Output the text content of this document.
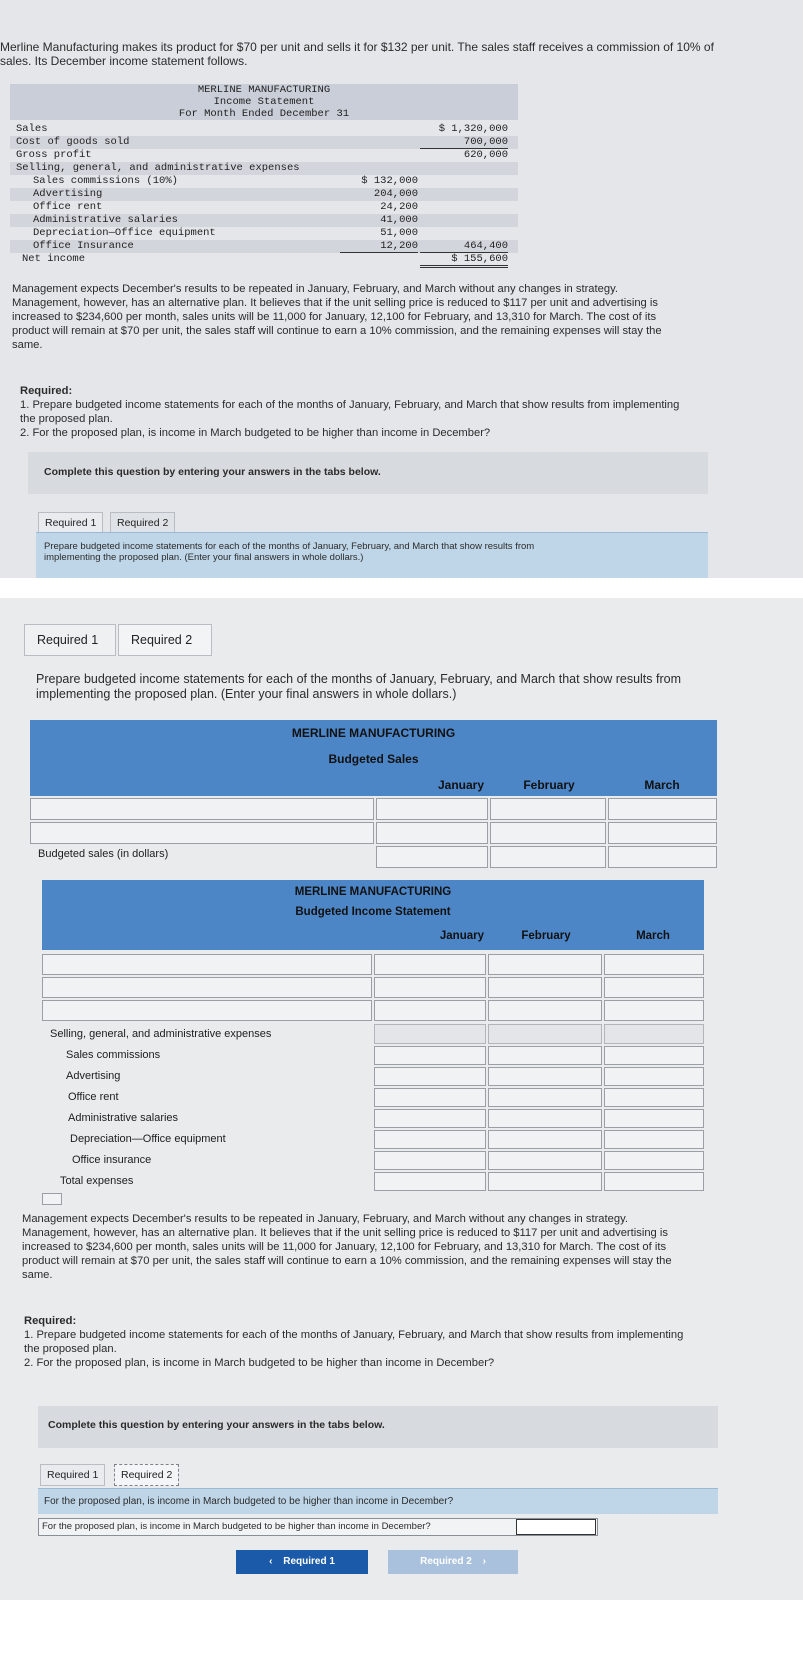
Merline Manufacturing makes its product for $70 per unit and sells it for $132 per unit. The sales staff receives a commission of 10% of
sales. Its December income statement follows.
MERLINE MANUFACTURING
Income Statement
For Month Ended December 31
Sales	$ 1,320,000
Cost of goods sold	700,000
Gross profit	620,000
Selling, general, and administrative expenses
Sales commissions (10%)	$ 132,000
Advertising	204,000
Office rent	24,200
Administrative salaries	41,000
Depreciation—Office equipment	51,000
Office Insurance	12,200	464,400
Net income	$ 155,600
Management expects December's results to be repeated in January, February, and March without any changes in strategy.
Management, however, has an alternative plan. It believes that if the unit selling price is reduced to $117 per unit and advertising is
increased to $234,600 per month, sales units will be 11,000 for January, 12,100 for February, and 13,310 for March. The cost of its
product will remain at $70 per unit, the sales staff will continue to earn a 10% commission, and the remaining expenses will stay the
same.
Required:
1. Prepare budgeted income statements for each of the months of January, February, and March that show results from implementing
the proposed plan.
2. For the proposed plan, is income in March budgeted to be higher than income in December?
Complete this question by entering your answers in the tabs below.
Required 1	Required 2
Prepare budgeted income statements for each of the months of January, February, and March that show results from
implementing the proposed plan. (Enter your final answers in whole dollars.)
Required 1	Required 2
Prepare budgeted income statements for each of the months of January, February, and March that show results from
implementing the proposed plan. (Enter your final answers in whole dollars.)
MERLINE MANUFACTURING
Budgeted Sales
January	February	March
Budgeted sales (in dollars)
MERLINE MANUFACTURING
Budgeted Income Statement
January	February	March
Selling, general, and administrative expenses
Sales commissions
Advertising
Office rent
Administrative salaries
Depreciation—Office equipment
Office insurance
Total expenses
Management expects December's results to be repeated in January, February, and March without any changes in strategy.
Management, however, has an alternative plan. It believes that if the unit selling price is reduced to $117 per unit and advertising is
increased to $234,600 per month, sales units will be 11,000 for January, 12,100 for February, and 13,310 for March. The cost of its
product will remain at $70 per unit, the sales staff will continue to earn a 10% commission, and the remaining expenses will stay the
same.
Required:
1. Prepare budgeted income statements for each of the months of January, February, and March that show results from implementing
the proposed plan.
2. For the proposed plan, is income in March budgeted to be higher than income in December?
Complete this question by entering your answers in the tabs below.
Required 1	Required 2
For the proposed plan, is income in March budgeted to be higher than income in December?
For the proposed plan, is income in March budgeted to be higher than income in December?
‹ Required 1	Required 2 ›
